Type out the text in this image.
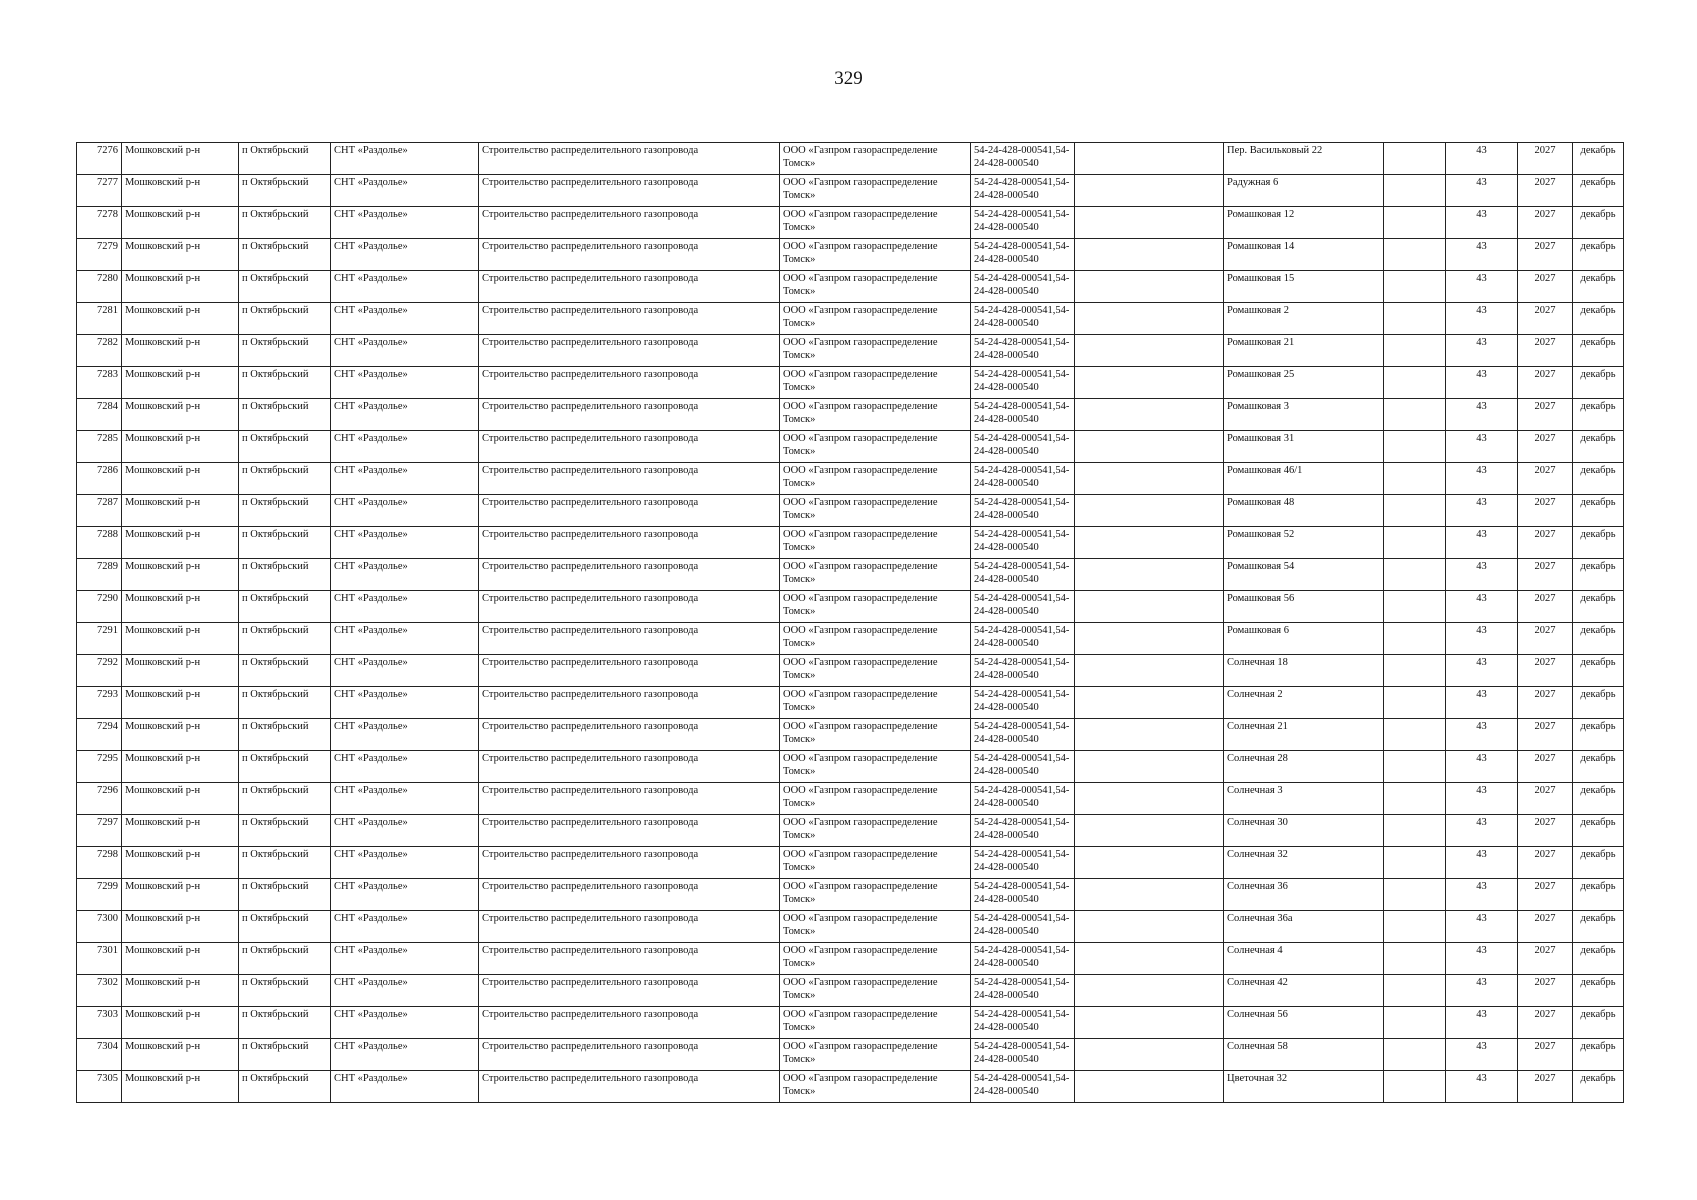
329
7276	Мошковский р-н	п Октябрьский	СНТ «Раздолье»	Строительство распределительного газопровода	ООО «Газпром газораспределение Томск»	54-24-428-000541,54-24-428-000540		Пер. Васильковый 22		43	2027	декабрь
7277	Мошковский р-н	п Октябрьский	СНТ «Раздолье»	Строительство распределительного газопровода	ООО «Газпром газораспределение Томск»	54-24-428-000541,54-24-428-000540		Радужная 6		43	2027	декабрь
7278	Мошковский р-н	п Октябрьский	СНТ «Раздолье»	Строительство распределительного газопровода	ООО «Газпром газораспределение Томск»	54-24-428-000541,54-24-428-000540		Ромашковая 12		43	2027	декабрь
7279	Мошковский р-н	п Октябрьский	СНТ «Раздолье»	Строительство распределительного газопровода	ООО «Газпром газораспределение Томск»	54-24-428-000541,54-24-428-000540		Ромашковая 14		43	2027	декабрь
7280	Мошковский р-н	п Октябрьский	СНТ «Раздолье»	Строительство распределительного газопровода	ООО «Газпром газораспределение Томск»	54-24-428-000541,54-24-428-000540		Ромашковая 15		43	2027	декабрь
7281	Мошковский р-н	п Октябрьский	СНТ «Раздолье»	Строительство распределительного газопровода	ООО «Газпром газораспределение Томск»	54-24-428-000541,54-24-428-000540		Ромашковая 2		43	2027	декабрь
7282	Мошковский р-н	п Октябрьский	СНТ «Раздолье»	Строительство распределительного газопровода	ООО «Газпром газораспределение Томск»	54-24-428-000541,54-24-428-000540		Ромашковая 21		43	2027	декабрь
7283	Мошковский р-н	п Октябрьский	СНТ «Раздолье»	Строительство распределительного газопровода	ООО «Газпром газораспределение Томск»	54-24-428-000541,54-24-428-000540		Ромашковая 25		43	2027	декабрь
7284	Мошковский р-н	п Октябрьский	СНТ «Раздолье»	Строительство распределительного газопровода	ООО «Газпром газораспределение Томск»	54-24-428-000541,54-24-428-000540		Ромашковая 3		43	2027	декабрь
7285	Мошковский р-н	п Октябрьский	СНТ «Раздолье»	Строительство распределительного газопровода	ООО «Газпром газораспределение Томск»	54-24-428-000541,54-24-428-000540		Ромашковая 31		43	2027	декабрь
7286	Мошковский р-н	п Октябрьский	СНТ «Раздолье»	Строительство распределительного газопровода	ООО «Газпром газораспределение Томск»	54-24-428-000541,54-24-428-000540		Ромашковая 46/1		43	2027	декабрь
7287	Мошковский р-н	п Октябрьский	СНТ «Раздолье»	Строительство распределительного газопровода	ООО «Газпром газораспределение Томск»	54-24-428-000541,54-24-428-000540		Ромашковая 48		43	2027	декабрь
7288	Мошковский р-н	п Октябрьский	СНТ «Раздолье»	Строительство распределительного газопровода	ООО «Газпром газораспределение Томск»	54-24-428-000541,54-24-428-000540		Ромашковая 52		43	2027	декабрь
7289	Мошковский р-н	п Октябрьский	СНТ «Раздолье»	Строительство распределительного газопровода	ООО «Газпром газораспределение Томск»	54-24-428-000541,54-24-428-000540		Ромашковая 54		43	2027	декабрь
7290	Мошковский р-н	п Октябрьский	СНТ «Раздолье»	Строительство распределительного газопровода	ООО «Газпром газораспределение Томск»	54-24-428-000541,54-24-428-000540		Ромашковая 56		43	2027	декабрь
7291	Мошковский р-н	п Октябрьский	СНТ «Раздолье»	Строительство распределительного газопровода	ООО «Газпром газораспределение Томск»	54-24-428-000541,54-24-428-000540		Ромашковая 6		43	2027	декабрь
7292	Мошковский р-н	п Октябрьский	СНТ «Раздолье»	Строительство распределительного газопровода	ООО «Газпром газораспределение Томск»	54-24-428-000541,54-24-428-000540		Солнечная 18		43	2027	декабрь
7293	Мошковский р-н	п Октябрьский	СНТ «Раздолье»	Строительство распределительного газопровода	ООО «Газпром газораспределение Томск»	54-24-428-000541,54-24-428-000540		Солнечная 2		43	2027	декабрь
7294	Мошковский р-н	п Октябрьский	СНТ «Раздолье»	Строительство распределительного газопровода	ООО «Газпром газораспределение Томск»	54-24-428-000541,54-24-428-000540		Солнечная 21		43	2027	декабрь
7295	Мошковский р-н	п Октябрьский	СНТ «Раздолье»	Строительство распределительного газопровода	ООО «Газпром газораспределение Томск»	54-24-428-000541,54-24-428-000540		Солнечная 28		43	2027	декабрь
7296	Мошковский р-н	п Октябрьский	СНТ «Раздолье»	Строительство распределительного газопровода	ООО «Газпром газораспределение Томск»	54-24-428-000541,54-24-428-000540		Солнечная 3		43	2027	декабрь
7297	Мошковский р-н	п Октябрьский	СНТ «Раздолье»	Строительство распределительного газопровода	ООО «Газпром газораспределение Томск»	54-24-428-000541,54-24-428-000540		Солнечная 30		43	2027	декабрь
7298	Мошковский р-н	п Октябрьский	СНТ «Раздолье»	Строительство распределительного газопровода	ООО «Газпром газораспределение Томск»	54-24-428-000541,54-24-428-000540		Солнечная 32		43	2027	декабрь
7299	Мошковский р-н	п Октябрьский	СНТ «Раздолье»	Строительство распределительного газопровода	ООО «Газпром газораспределение Томск»	54-24-428-000541,54-24-428-000540		Солнечная 36		43	2027	декабрь
7300	Мошковский р-н	п Октябрьский	СНТ «Раздолье»	Строительство распределительного газопровода	ООО «Газпром газораспределение Томск»	54-24-428-000541,54-24-428-000540		Солнечная 36а		43	2027	декабрь
7301	Мошковский р-н	п Октябрьский	СНТ «Раздолье»	Строительство распределительного газопровода	ООО «Газпром газораспределение Томск»	54-24-428-000541,54-24-428-000540		Солнечная 4		43	2027	декабрь
7302	Мошковский р-н	п Октябрьский	СНТ «Раздолье»	Строительство распределительного газопровода	ООО «Газпром газораспределение Томск»	54-24-428-000541,54-24-428-000540		Солнечная 42		43	2027	декабрь
7303	Мошковский р-н	п Октябрьский	СНТ «Раздолье»	Строительство распределительного газопровода	ООО «Газпром газораспределение Томск»	54-24-428-000541,54-24-428-000540		Солнечная 56		43	2027	декабрь
7304	Мошковский р-н	п Октябрьский	СНТ «Раздолье»	Строительство распределительного газопровода	ООО «Газпром газораспределение Томск»	54-24-428-000541,54-24-428-000540		Солнечная 58		43	2027	декабрь
7305	Мошковский р-н	п Октябрьский	СНТ «Раздолье»	Строительство распределительного газопровода	ООО «Газпром газораспределение Томск»	54-24-428-000541,54-24-428-000540		Цветочная 32		43	2027	декабрь
